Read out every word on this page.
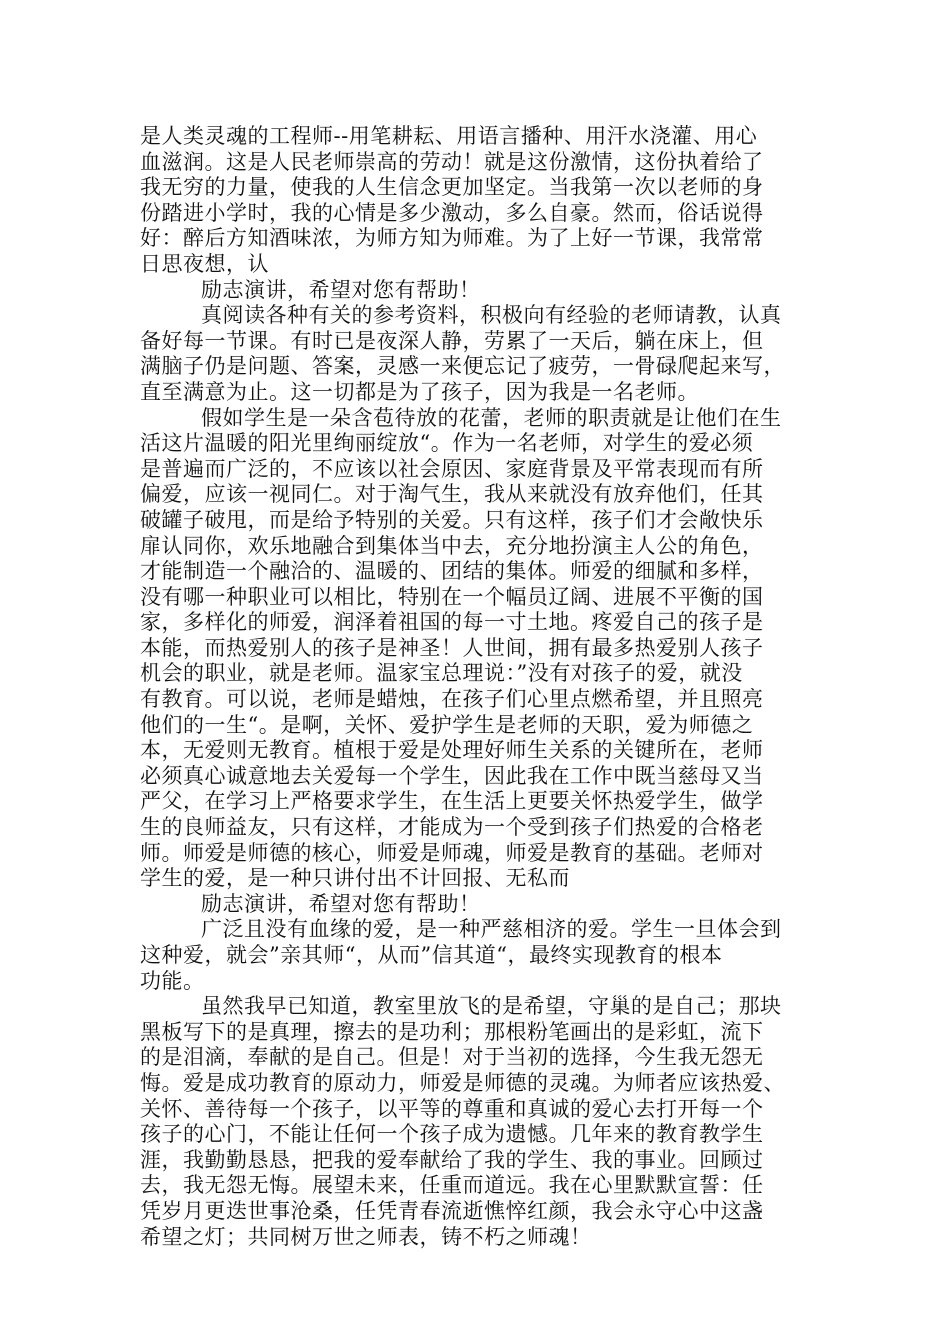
是人类灵魂的工程师--用笔耕耘、用语言播种、用汗水浇灌、用心
血滋润。这是人民老师崇高的劳动！就是这份激情，这份执着给了
我无穷的力量，使我的人生信念更加坚定。当我第一次以老师的身
份踏进小学时，我的心情是多少激动，多么自豪。然而，俗话说得
好：醉后方知酒味浓，为师方知为师难。为了上好一节课，我常常
日思夜想，认
励志演讲，希望对您有帮助！
真阅读各种有关的参考资料，积极向有经验的老师请教，认真
备好每一节课。有时已是夜深人静，劳累了一天后，躺在床上，但
满脑子仍是问题、答案，灵感一来便忘记了疲劳，一骨碌爬起来写，
直至满意为止。这一切都是为了孩子，因为我是一名老师。
假如学生是一朵含苞待放的花蕾，老师的职责就是让他们在生
活这片温暖的阳光里绚丽绽放“。作为一名老师，对学生的爱必须
是普遍而广泛的，不应该以社会原因、家庭背景及平常表现而有所
偏爱，应该一视同仁。对于淘气生，我从来就没有放弃他们，任其
破罐子破甩，而是给予特别的关爱。只有这样，孩子们才会敞快乐
扉认同你，欢乐地融合到集体当中去，充分地扮演主人公的角色，
才能制造一个融洽的、温暖的、团结的集体。师爱的细腻和多样，
没有哪一种职业可以相比，特别在一个幅员辽阔、进展不平衡的国
家，多样化的师爱，润泽着祖国的每一寸土地。疼爱自己的孩子是
本能，而热爱别人的孩子是神圣！人世间，拥有最多热爱别人孩子
机会的职业，就是老师。温家宝总理说：”没有对孩子的爱，就没
有教育。可以说，老师是蜡烛，在孩子们心里点燃希望，并且照亮
他们的一生“。是啊，关怀、爱护学生是老师的天职，爱为师德之
本，无爱则无教育。植根于爱是处理好师生关系的关键所在，老师
必须真心诚意地去关爱每一个学生，因此我在工作中既当慈母又当
严父，在学习上严格要求学生，在生活上更要关怀热爱学生，做学
生的良师益友，只有这样，才能成为一个受到孩子们热爱的合格老
师。师爱是师德的核心，师爱是师魂，师爱是教育的基础。老师对
学生的爱，是一种只讲付出不计回报、无私而
励志演讲，希望对您有帮助！
广泛且没有血缘的爱，是一种严慈相济的爱。学生一旦体会到
这种爱，就会”亲其师“，从而”信其道“，最终实现教育的根本
功能。
虽然我早已知道，教室里放飞的是希望，守巢的是自己；那块
黑板写下的是真理，擦去的是功利；那根粉笔画出的是彩虹，流下
的是泪滴，奉献的是自己。但是！对于当初的选择，今生我无怨无
悔。爱是成功教育的原动力，师爱是师德的灵魂。为师者应该热爱、
关怀、善待每一个孩子，以平等的尊重和真诚的爱心去打开每一个
孩子的心门，不能让任何一个孩子成为遗憾。几年来的教育教学生
涯，我勤勤恳恳，把我的爱奉献给了我的学生、我的事业。回顾过
去，我无怨无悔。展望未来，任重而道远。我在心里默默宣誓：任
凭岁月更迭世事沧桑，任凭青春流逝憔悴红颜，我会永守心中这盏
希望之灯；共同树万世之师表，铸不朽之师魂！
